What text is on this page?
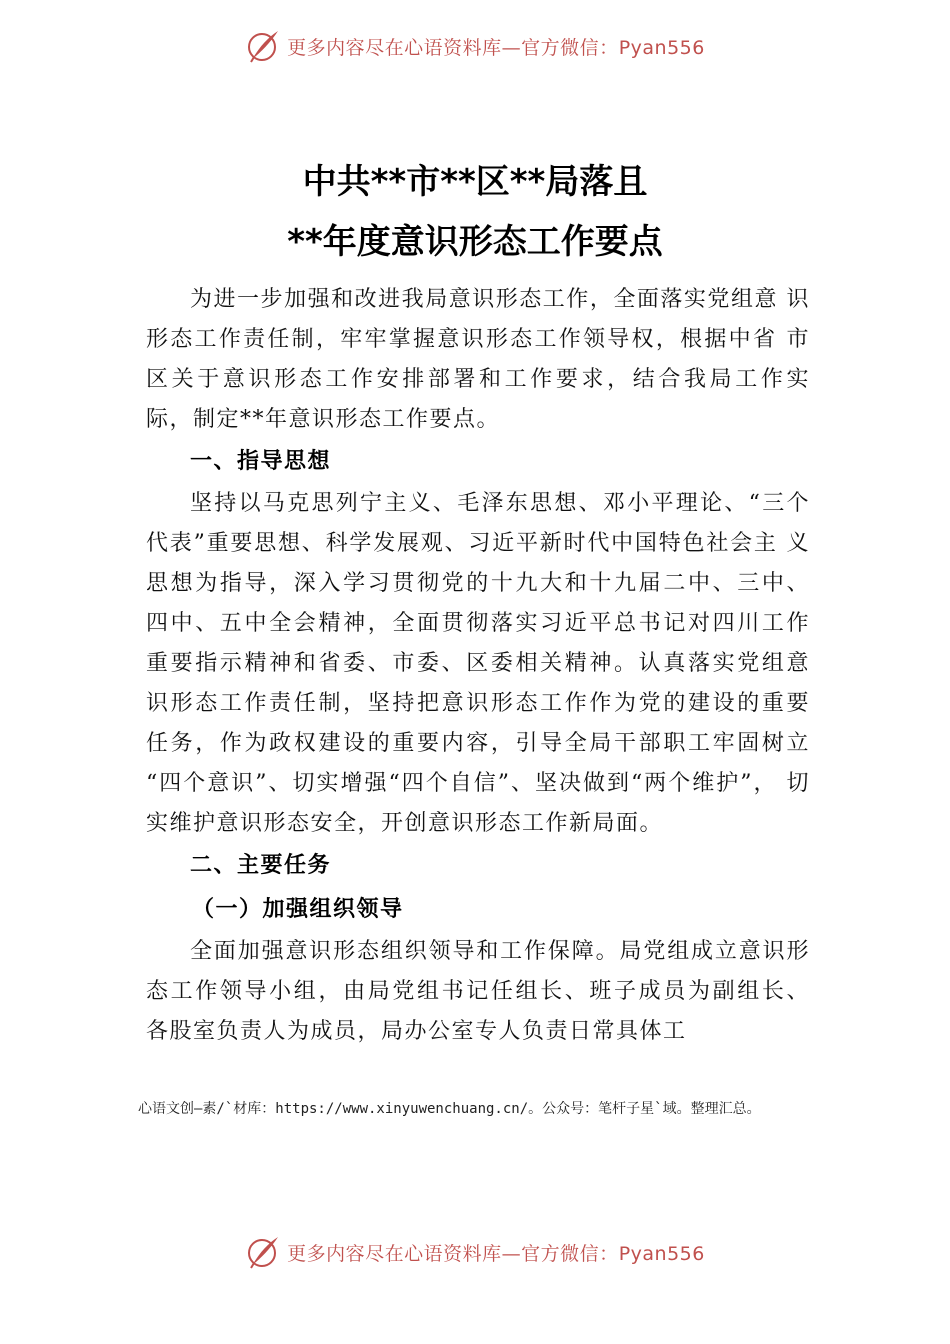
更多内容尽在心语资料库—官方微信：Pyan556
中共**市**区**局落且
**年度意识形态工作要点

为进一步加强和改进我局意识形态工作，全面落实党组意 识形态工作责任制，牢牢掌握意识形态工作领导权，根据中省 市区关于意识形态工作安排部署和工作要求，结合我局工作实 际，制定**年意识形态工作要点。

一、指导思想

坚持以马克思列宁主义、毛泽东思想、邓小平理论、“三个 代表”重要思想、科学发展观、习近平新时代中国特色社会主 义思想为指导，深入学习贯彻党的十九大和十九届二中、三中、 四中、五中全会精神，全面贯彻落实习近平总书记对四川工作 重要指示精神和省委、市委、区委相关精神。认真落实党组意 识形态工作责任制，坚持把意识形态工作作为党的建设的重要 任务，作为政权建设的重要内容，引导全局干部职工牢固树立 “四个意识”、切实增强“四个自信”、坚决做到“两个维护”， 切实维护意识形态安全，开创意识形态工作新局面。

二、主要任务
（一）加强组织领导

全面加强意识形态组织领导和工作保障。局党组成立意识形 态工作领导小组，由局党组书记任组长、班子成员为副组长、 各股室负责人为成员，局办公室专人负责日常具体工

心语文创—素/`材库：https://www.xinyuwenchuang.cn/。公众号：笔杆子星`域。整理汇总。
更多内容尽在心语资料库—官方微信：Pyan556
